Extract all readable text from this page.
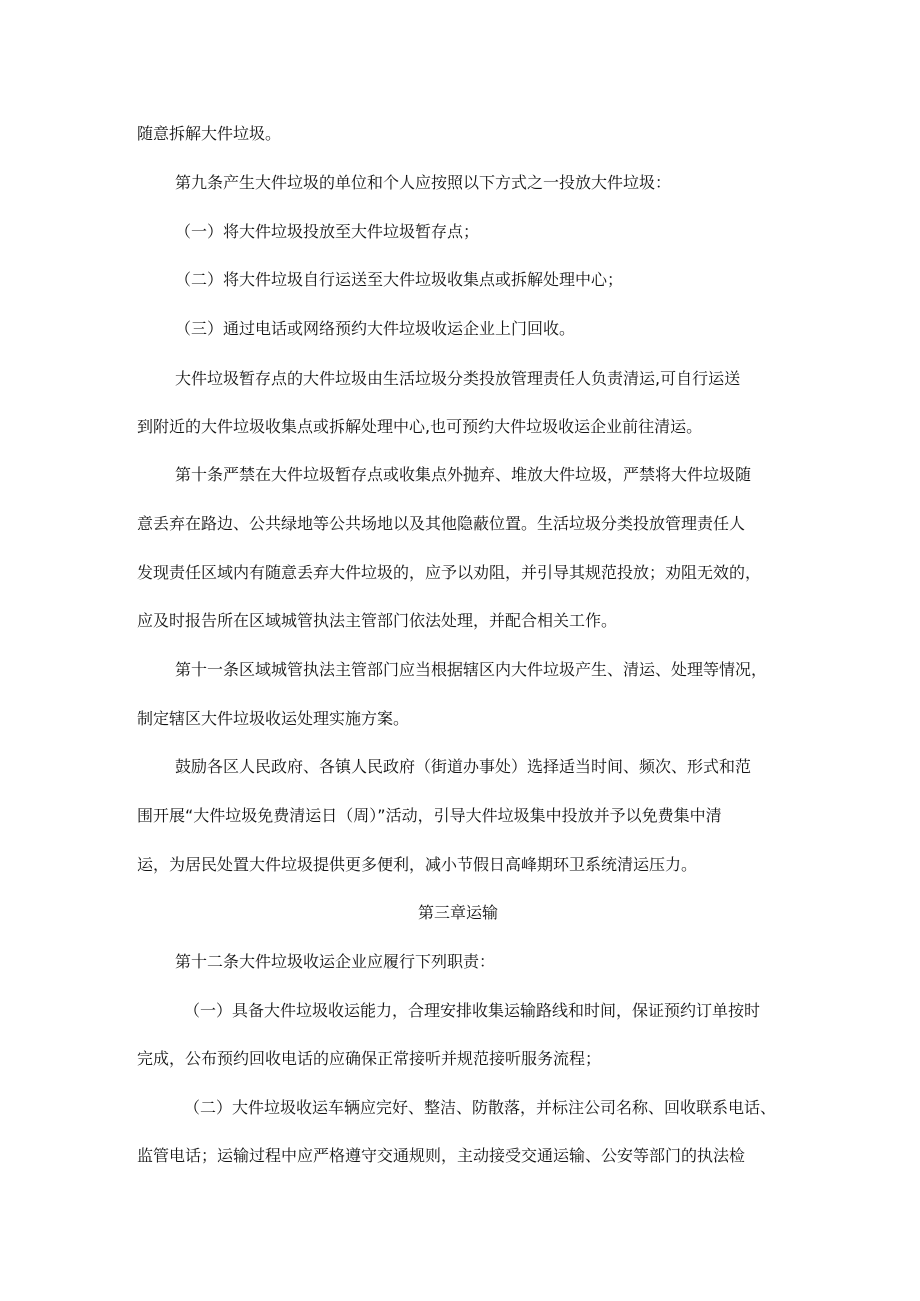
随意拆解大件垃圾。
第九条产生大件垃圾的单位和个人应按照以下方式之一投放大件垃圾：
（一）将大件垃圾投放至大件垃圾暂存点；
（二）将大件垃圾自行运送至大件垃圾收集点或拆解处理中心；
（三）通过电话或网络预约大件垃圾收运企业上门回收。
大件垃圾暂存点的大件垃圾由生活垃圾分类投放管理责任人负责清运,可自行运送
到附近的大件垃圾收集点或拆解处理中心,也可预约大件垃圾收运企业前往清运。
第十条严禁在大件垃圾暂存点或收集点外抛弃、堆放大件垃圾，严禁将大件垃圾随
意丢弃在路边、公共绿地等公共场地以及其他隐蔽位置。生活垃圾分类投放管理责任人
发现责任区域内有随意丢弃大件垃圾的，应予以劝阻，并引导其规范投放；劝阻无效的，
应及时报告所在区域城管执法主管部门依法处理，并配合相关工作。
第十一条区域城管执法主管部门应当根据辖区内大件垃圾产生、清运、处理等情况，
制定辖区大件垃圾收运处理实施方案。
鼓励各区人民政府、各镇人民政府（街道办事处）选择适当时间、频次、形式和范
围开展“大件垃圾免费清运日（周）”活动，引导大件垃圾集中投放并予以免费集中清
运，为居民处置大件垃圾提供更多便利，减小节假日高峰期环卫系统清运压力。
第三章运输
第十二条大件垃圾收运企业应履行下列职责：
（一）具备大件垃圾收运能力，合理安排收集运输路线和时间，保证预约订单按时
完成，公布预约回收电话的应确保正常接听并规范接听服务流程；
（二）大件垃圾收运车辆应完好、整洁、防散落，并标注公司名称、回收联系电话、
监管电话；运输过程中应严格遵守交通规则，主动接受交通运输、公安等部门的执法检
